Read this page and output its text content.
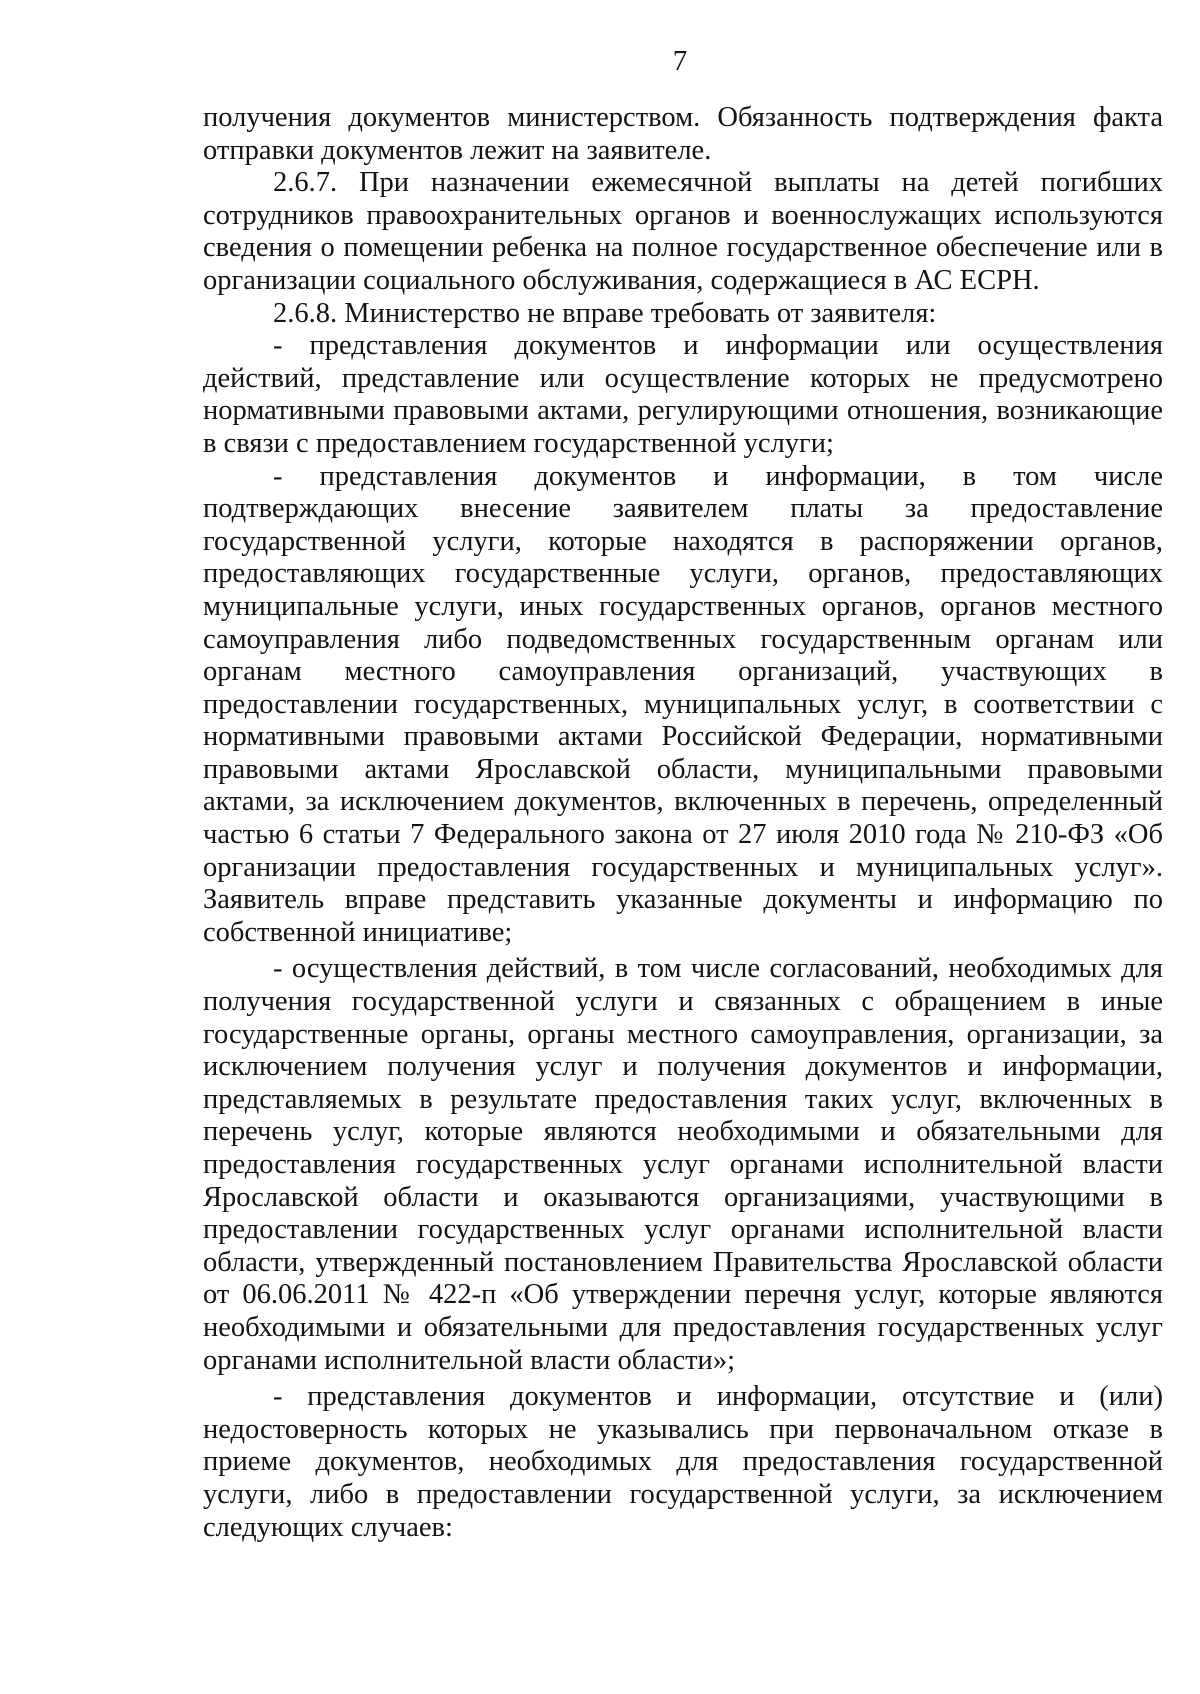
7

получения документов министерством. Обязанность подтверждения факта отправки документов лежит на заявителе.

2.6.7. При назначении ежемесячной выплаты на детей погибших сотрудников правоохранительных органов и военнослужащих используются сведения о помещении ребенка на полное государственное обеспечение или в организации социального обслуживания, содержащиеся в АС ЕСРН.

2.6.8. Министерство не вправе требовать от заявителя:

- представления документов и информации или осуществления действий, представление или осуществление которых не предусмотрено нормативными правовыми актами, регулирующими отношения, возникающие в связи с предоставлением государственной услуги;

- представления документов и информации, в том числе подтверждающих внесение заявителем платы за предоставление государственной услуги, которые находятся в распоряжении органов, предоставляющих государственные услуги, органов, предоставляющих муниципальные услуги, иных государственных органов, органов местного самоуправления либо подведомственных государственным органам или органам местного самоуправления организаций, участвующих в предоставлении государственных, муниципальных услуг, в соответствии с нормативными правовыми актами Российской Федерации, нормативными правовыми актами Ярославской области, муниципальными правовыми актами, за исключением документов, включенных в перечень, определенный частью 6 статьи 7 Федерального закона от 27 июля 2010 года № 210-ФЗ «Об организации предоставления государственных и муниципальных услуг». Заявитель вправе представить указанные документы и информацию по собственной инициативе;

- осуществления действий, в том числе согласований, необходимых для получения государственной услуги и связанных с обращением в иные государственные органы, органы местного самоуправления, организации, за исключением получения услуг и получения документов и информации, представляемых в результате предоставления таких услуг, включенных в перечень услуг, которые являются необходимыми и обязательными для предоставления государственных услуг органами исполнительной власти Ярославской области и оказываются организациями, участвующими в предоставлении государственных услуг органами исполнительной власти области, утвержденный постановлением Правительства Ярославской области от 06.06.2011 № 422-п «Об утверждении перечня услуг, которые являются необходимыми и обязательными для предоставления государственных услуг органами исполнительной власти области»;

- представления документов и информации, отсутствие и (или) недостоверность которых не указывались при первоначальном отказе в приеме документов, необходимых для предоставления государственной услуги, либо в предоставлении государственной услуги, за исключением следующих случаев:
